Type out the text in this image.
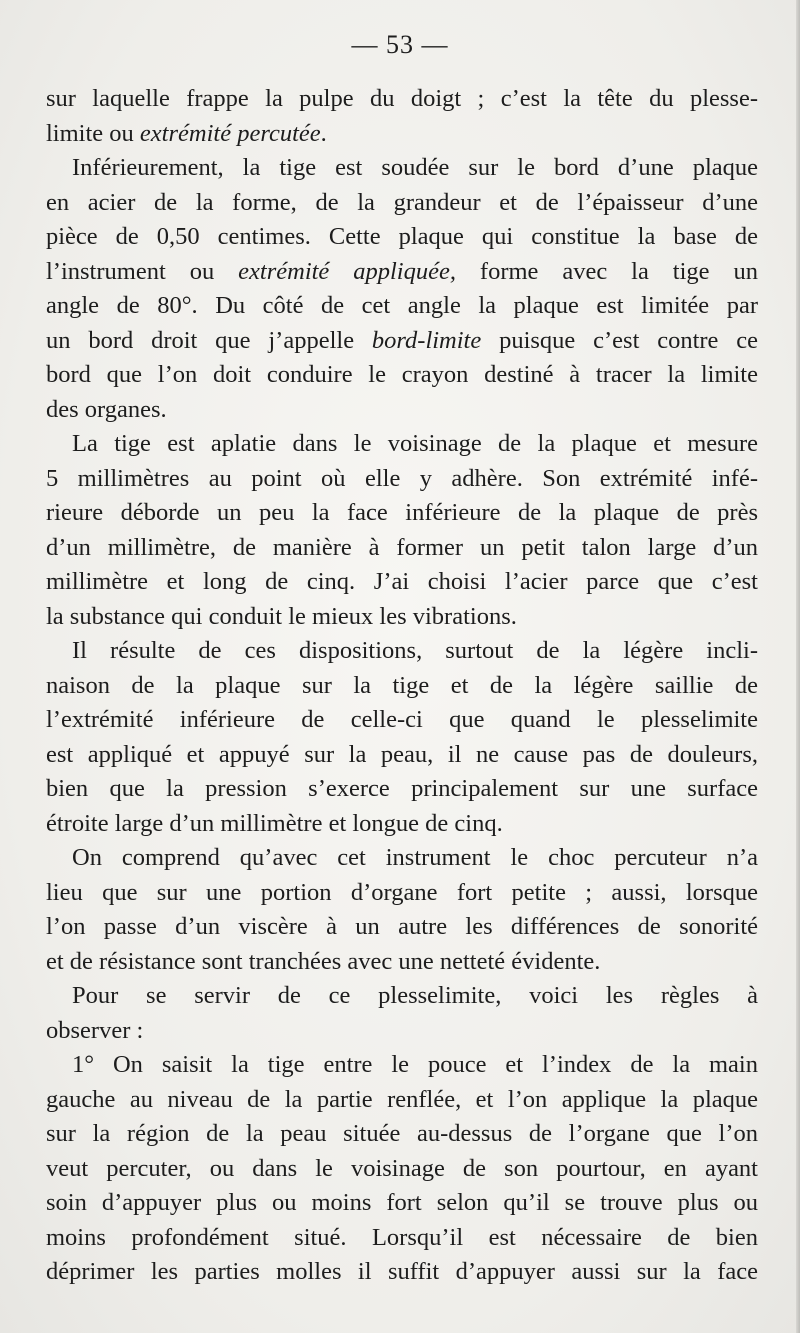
— 53 —
sur laquelle frappe la pulpe du doigt ; c’est la tête du plesse-
limite ou extrémité percutée.
Inférieurement, la tige est soudée sur le bord d’une plaque
en acier de la forme, de la grandeur et de l’épaisseur d’une
pièce de 0,50 centimes. Cette plaque qui constitue la base de
l’instrument ou extrémité appliquée, forme avec la tige un
angle de 80°. Du côté de cet angle la plaque est limitée par
un bord droit que j’appelle bord-limite puisque c’est contre ce
bord que l’on doit conduire le crayon destiné à tracer la limite
des organes.
La tige est aplatie dans le voisinage de la plaque et mesure
5 millimètres au point où elle y adhère. Son extrémité infé-
rieure déborde un peu la face inférieure de la plaque de près
d’un millimètre, de manière à former un petit talon large d’un
millimètre et long de cinq. J’ai choisi l’acier parce que c’est
la substance qui conduit le mieux les vibrations.
Il résulte de ces dispositions, surtout de la légère incli-
naison de la plaque sur la tige et de la légère saillie de
l’extrémité inférieure de celle-ci que quand le plesselimite
est appliqué et appuyé sur la peau, il ne cause pas de douleurs,
bien que la pression s’exerce principalement sur une surface
étroite large d’un millimètre et longue de cinq.
On comprend qu’avec cet instrument le choc percuteur n’a
lieu que sur une portion d’organe fort petite ; aussi, lorsque
l’on passe d’un viscère à un autre les différences de sonorité
et de résistance sont tranchées avec une netteté évidente.
Pour se servir de ce plesselimite, voici les règles à
observer :
1° On saisit la tige entre le pouce et l’index de la main
gauche au niveau de la partie renflée, et l’on applique la plaque
sur la région de la peau située au-dessus de l’organe que l’on
veut percuter, ou dans le voisinage de son pourtour, en ayant
soin d’appuyer plus ou moins fort selon qu’il se trouve plus ou
moins profondément situé. Lorsqu’il est nécessaire de bien
déprimer les parties molles il suffit d’appuyer aussi sur la face
